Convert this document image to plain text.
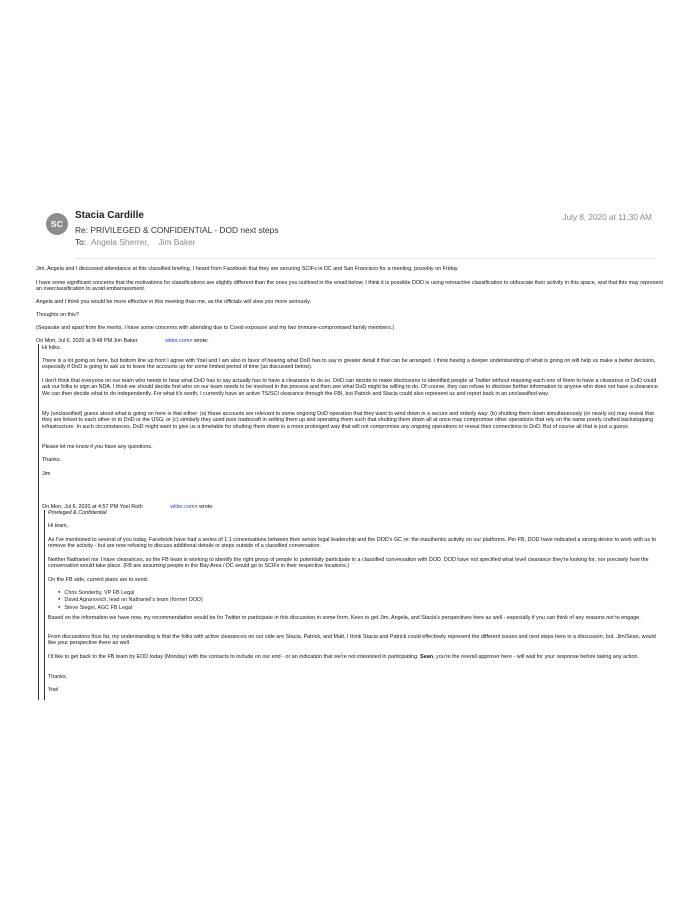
SC
Stacia Cardille
Re: PRIVILEGED & CONFIDENTIAL - DOD next steps
To: Angela Sherrer, Jim Baker
July 8, 2020 at 11:30 AM
Jim, Angela and I discussed attendance at this classified briefing. I heard from Facebook that they are securing SCIFs in DC and San Francisco for a meeting, possibly on Friday.
I have some significant concerns that the motivations for classifications are slightly different than the ones you outlined in the email below. I think it is possible DOD is using retroactive classification to obfuscate their activity in this space, and that this may represent an overclassification to avoid embarrassment.
Angela and I think you would be more effective in this meeting than me, as the officials will view you more seriously.
Thoughts on this?
(Separate and apart from the merits, I have some concerns with attending due to Covid exposure and my two immune-compromised family members.)
On Mon, Jul 6, 2020 at 9:48 PM Jim Baker	witter.com> wrote:
Hi folks.
There is a lot going on here, but bottom line up front I agree with Yoel and I am also in favor of hearing what DoD has to say in greater detail if that can be arranged. I think having a deeper understanding of what is going on will help us make a better decision, especially if DoD is going to ask us to leave the accounts up for some limited period of time (as discussed below).
I don't think that everyone on our team who needs to hear what DoD has to say actually has to have a clearance to do so. DoD can decide to make disclosures to identified people at Twitter without requiring each one of them to have a clearance or DoD could ask our folks to sign an NDA. I think we should decide first who on our team needs to be involved in the process and then see what DoD might be willing to do. Of course, they can refuse to disclose further information to anyone who does not have a clearance. We can then decide what to do independently. For what it's worth, I currently have an active TS/SCI clearance through the FBI, but Patrick and Stacia could also represent us and report back in an unclassified way.
My (unclassified) guess about what is going on here is that either: (a) these accounts are relevant to some ongoing DoD operation that they want to wind down in a secure and orderly way; (b) shutting them down simultaneously (or nearly so) may reveal that they are linked to each other or to DoD or the USG; or (c) similarly they used poor tradecraft in setting them up and operating them such that shutting them down all at once may compromise other operations that rely on the same poorly crafted backstopping infrastructure. In such circumstances, DoD might want to give us a timetable for shutting them down in a more prolonged way that will not compromise any ongoing operations or reveal their connections to DoD. But of course all that is just a guess.
Please let me know if you have any questions.
Thanks.
Jim
On Mon, Jul 6, 2020 at 4:57 PM Yoel Roth	witter.com> wrote:
Privileged & Confidential
Hi team,
As I've mentioned to several of you today, Facebook have had a series of 1:1 conversations between their senior legal leadership and the DOD's GC re: the inauthentic activity on our platforms. Per FB, DOD have indicated a strong desire to work with us to remove the activity - but are now refusing to discuss additional details or steps outside of a classified conversation.
Neither Nathaniel nor I have clearances, so the FB team is working to identify the right group of people to potentially participate in a classified conversation with DOD. DOD have not specified what level clearance they're looking for, nor precisely how the conversation would take place. (FB are assuming people in the Bay Area / DC would go to SCIFs in their respective locations.)
On the FB side, current plans are to send:
● Chris Sonderby, VP FB Legal
● David Agranovich, lead on Nathaniel's team (former DOD)
● Steve Siegel, AGC FB Legal
Based on the information we have now, my recommendation would be for Twitter to participate in this discussion in some form. Keen to get Jim, Angela, and Stacia's perspectives here as well - especially if you can think of any reasons not to engage.
From discussions thus far, my understanding is that the folks with active clearances on our side are Stacia, Patrick, and Matt. I think Stacia and Patrick could effectively represent the different issues and next steps here in a discussion, but, Jim/Sean, would like your perspective there as well.
I'd like to get back to the FB team by EOD today (Monday) with the contacts to include on our end - or an indication that we're not interested in participating. Sean, you're the overall approver here - will wait for your response before taking any action.
Thanks,
Yoel
